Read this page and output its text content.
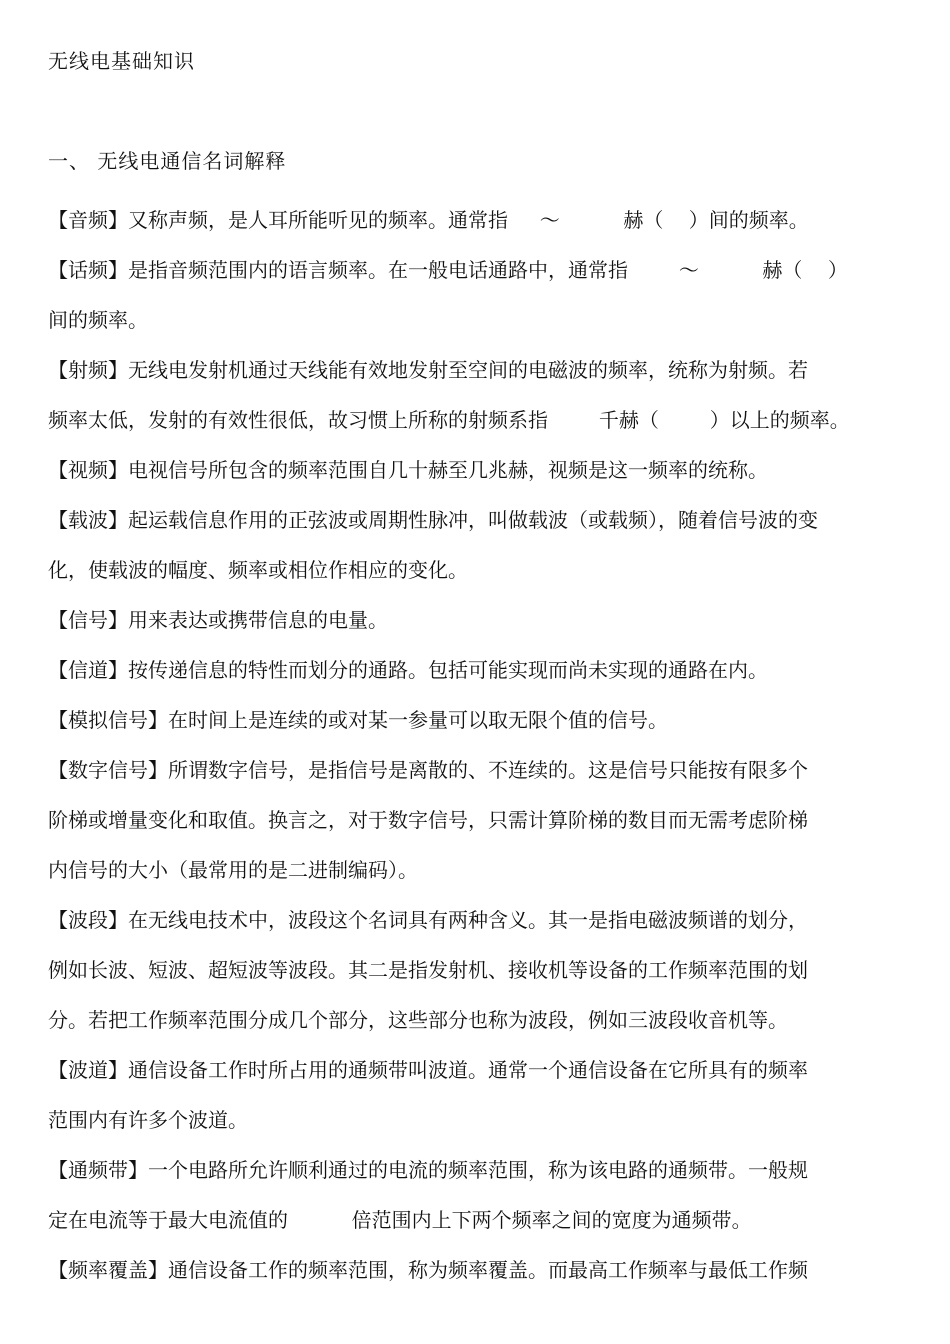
无线电基础知识
一、 无线电通信名词解释
【音频】 又称声频，是人耳所能听见的频率。通常指     ～          赫（    ）间的频率。
【话频】 是指音频范围内的语言频率。在一般电话通路中，通常指        ～          赫（    ）
间的频率。
【射频】 无线电发射机通过天线能有效地发射至空间的电磁波的频率，统称为射频。若
频率太低，发射的有效性很低，故习惯上所称的射频系指        千赫（        ）以上的频率。
【视频】 电视信号所包含的频率范围自几十赫至几兆赫，视频是这一频率的统称。
【载波】 起运载信息作用的正弦波或周期性脉冲，叫做载波（或载频），随着信号波的变
化，使载波的幅度、频率或相位作相应的变化。
【信号】 用来表达或携带信息的电量。
【信道】 按传递信息的特性而划分的通路。包括可能实现而尚未实现的通路在内。
【模拟信号】 在时间上是连续的或对某一参量可以取无限个值的信号。
【数字信号】 所谓数字信号，是指信号是离散的、不连续的。这是信号只能按有限多个
阶梯或增量变化和取值。换言之，对于数字信号，只需计算阶梯的数目而无需考虑阶梯
内信号的大小（最常用的是二进制编码）。
【波段】 在无线电技术中，波段这个名词具有两种含义。其一是指电磁波频谱的划分，
例如长波、短波、超短波等波段。其二是指发射机、接收机等设备的工作频率范围的划
分。若把工作频率范围分成几个部分，这些部分也称为波段，例如三波段收音机等。
【波道】 通信设备工作时所占用的通频带叫波道。通常一个通信设备在它所具有的频率
范围内有许多个波道。
【通频带】 一个电路所允许顺利通过的电流的频率范围，称为该电路的通频带。一般规
定在电流等于最大电流值的          倍范围内上下两个频率之间的宽度为通频带。
【频率覆盖】 通信设备工作的频率范围，称为频率覆盖。而最高工作频率与最低工作频
